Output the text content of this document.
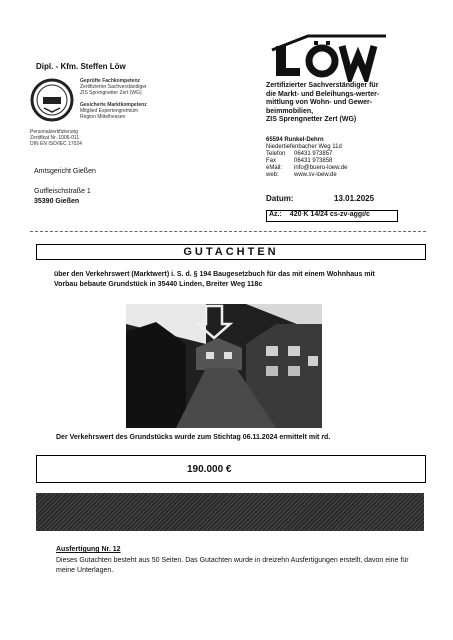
Dipl. - Kfm. Steffen Löw
Geprüfte Fachkompetenz
Zertifizierter Sachverständiger
ZIS Sprengnetter Zert (WG)
Gesicherte Marktkompetenz
Mitglied Expertengremium
Region Mittelhessen
Personalzertifizierung
Zertifikat Nr. 1006-011
DIN EN ISO/IEC 17024
Zertifizierter Sachverständiger für
die Markt- und Beleihungs-werter-
mittlung von Wohn- und Gewer-
beimmobilien,
ZIS Sprengnetter Zert (WG)
65594 Runkel-Dehrn
Niedertiefenbacher Weg 11d
Telefon	06431 973857
Fax	06431 973858
eMail:	info@buero-loew.de
web:	www.sv-loew.de
Amtsgericht Gießen
Gutfleischstraße 1
35390 Gießen	Datum:	13.01.2025
Az.: 420 K 14/24 cs-zv-aggi/c
GUTACHTEN
über den Verkehrswert (Marktwert) i. S. d. § 194 Baugesetzbuch für das mit einem Wohnhaus mit Vorbau bebaute Grundstück in 35440 Linden, Breiter Weg 118c
Der Verkehrswert des Grundstücks wurde zum Stichtag 06.11.2024 ermittelt mit rd.
190.000 €
Ausfertigung Nr. 12
Dieses Gutachten besteht aus 50 Seiten. Das Gutachten wurde in dreizehn Ausfertigungen erstellt, davon eine für meine Unterlagen.
